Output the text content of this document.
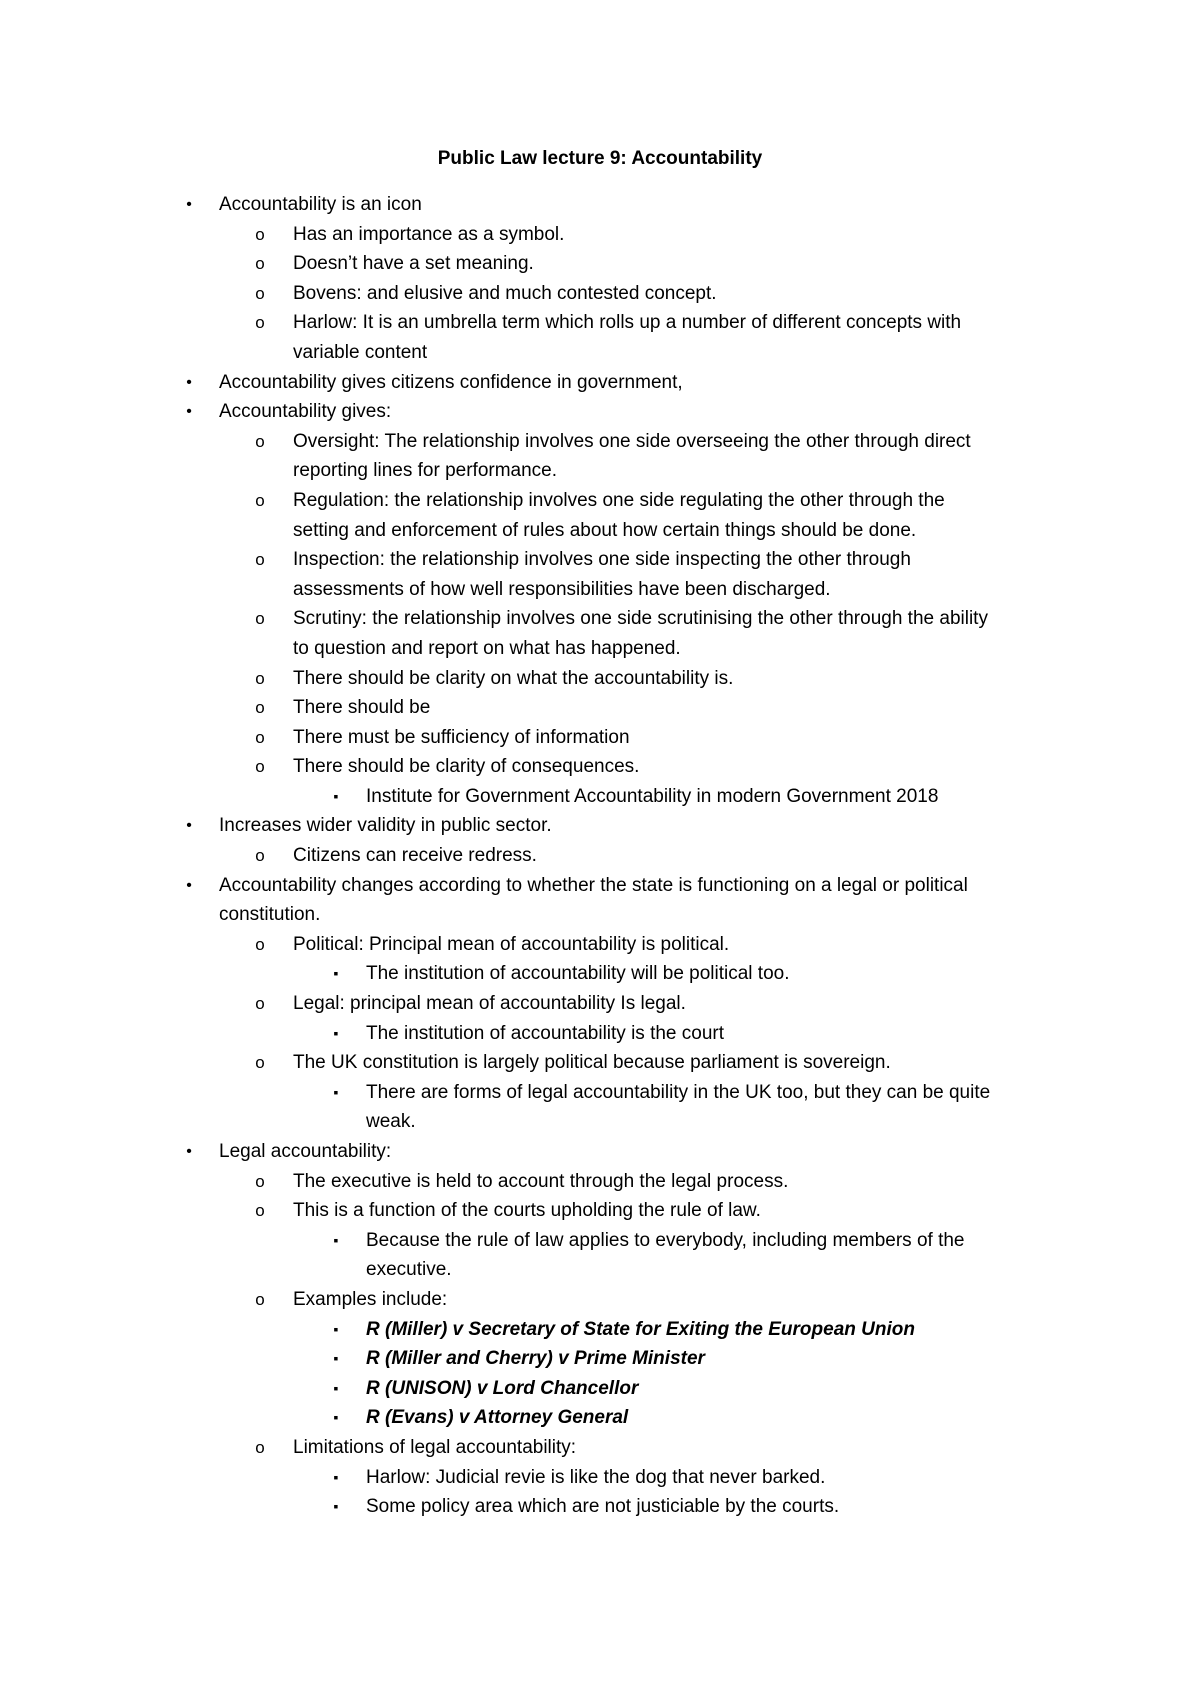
Public Law lecture 9: Accountability
•	Accountability is an icon
o Has an importance as a symbol.
o Doesn’t have a set meaning.
o Bovens: and elusive and much contested concept.
o Harlow: It is an umbrella term which rolls up a number of different concepts with
variable content
•	Accountability gives citizens confidence in government,
•	Accountability gives:
o Oversight: The relationship involves one side overseeing the other through direct
reporting lines for performance.
o Regulation: the relationship involves one side regulating the other through the
setting and enforcement of rules about how certain things should be done.
o Inspection: the relationship involves one side inspecting the other through
assessments of how well responsibilities have been discharged.
o Scrutiny: the relationship involves one side scrutinising the other through the ability
to question and report on what has happened.
o There should be clarity on what the accountability is.
o There should be
o There must be sufficiency of information
o There should be clarity of consequences.
▪	Institute for Government Accountability in modern Government 2018
•	Increases wider validity in public sector.
o Citizens can receive redress.
•	Accountability changes according to whether the state is functioning on a legal or political
constitution.
o Political: Principal mean of accountability is political.
▪	The institution of accountability will be political too.
o Legal: principal mean of accountability Is legal.
▪	The institution of accountability is the court
o The UK constitution is largely political because parliament is sovereign.
▪	There are forms of legal accountability in the UK too, but they can be quite
weak.
•	Legal accountability:
o The executive is held to account through the legal process.
o This is a function of the courts upholding the rule of law.
▪	Because the rule of law applies to everybody, including members of the
executive.
o Examples include:
▪	R (Miller) v Secretary of State for Exiting the European Union
▪	R (Miller and Cherry) v Prime Minister
▪	R (UNISON) v Lord Chancellor
▪	R (Evans) v Attorney General
o Limitations of legal accountability:
▪	Harlow: Judicial revie is like the dog that never barked.
▪	Some policy area which are not justiciable by the courts.
